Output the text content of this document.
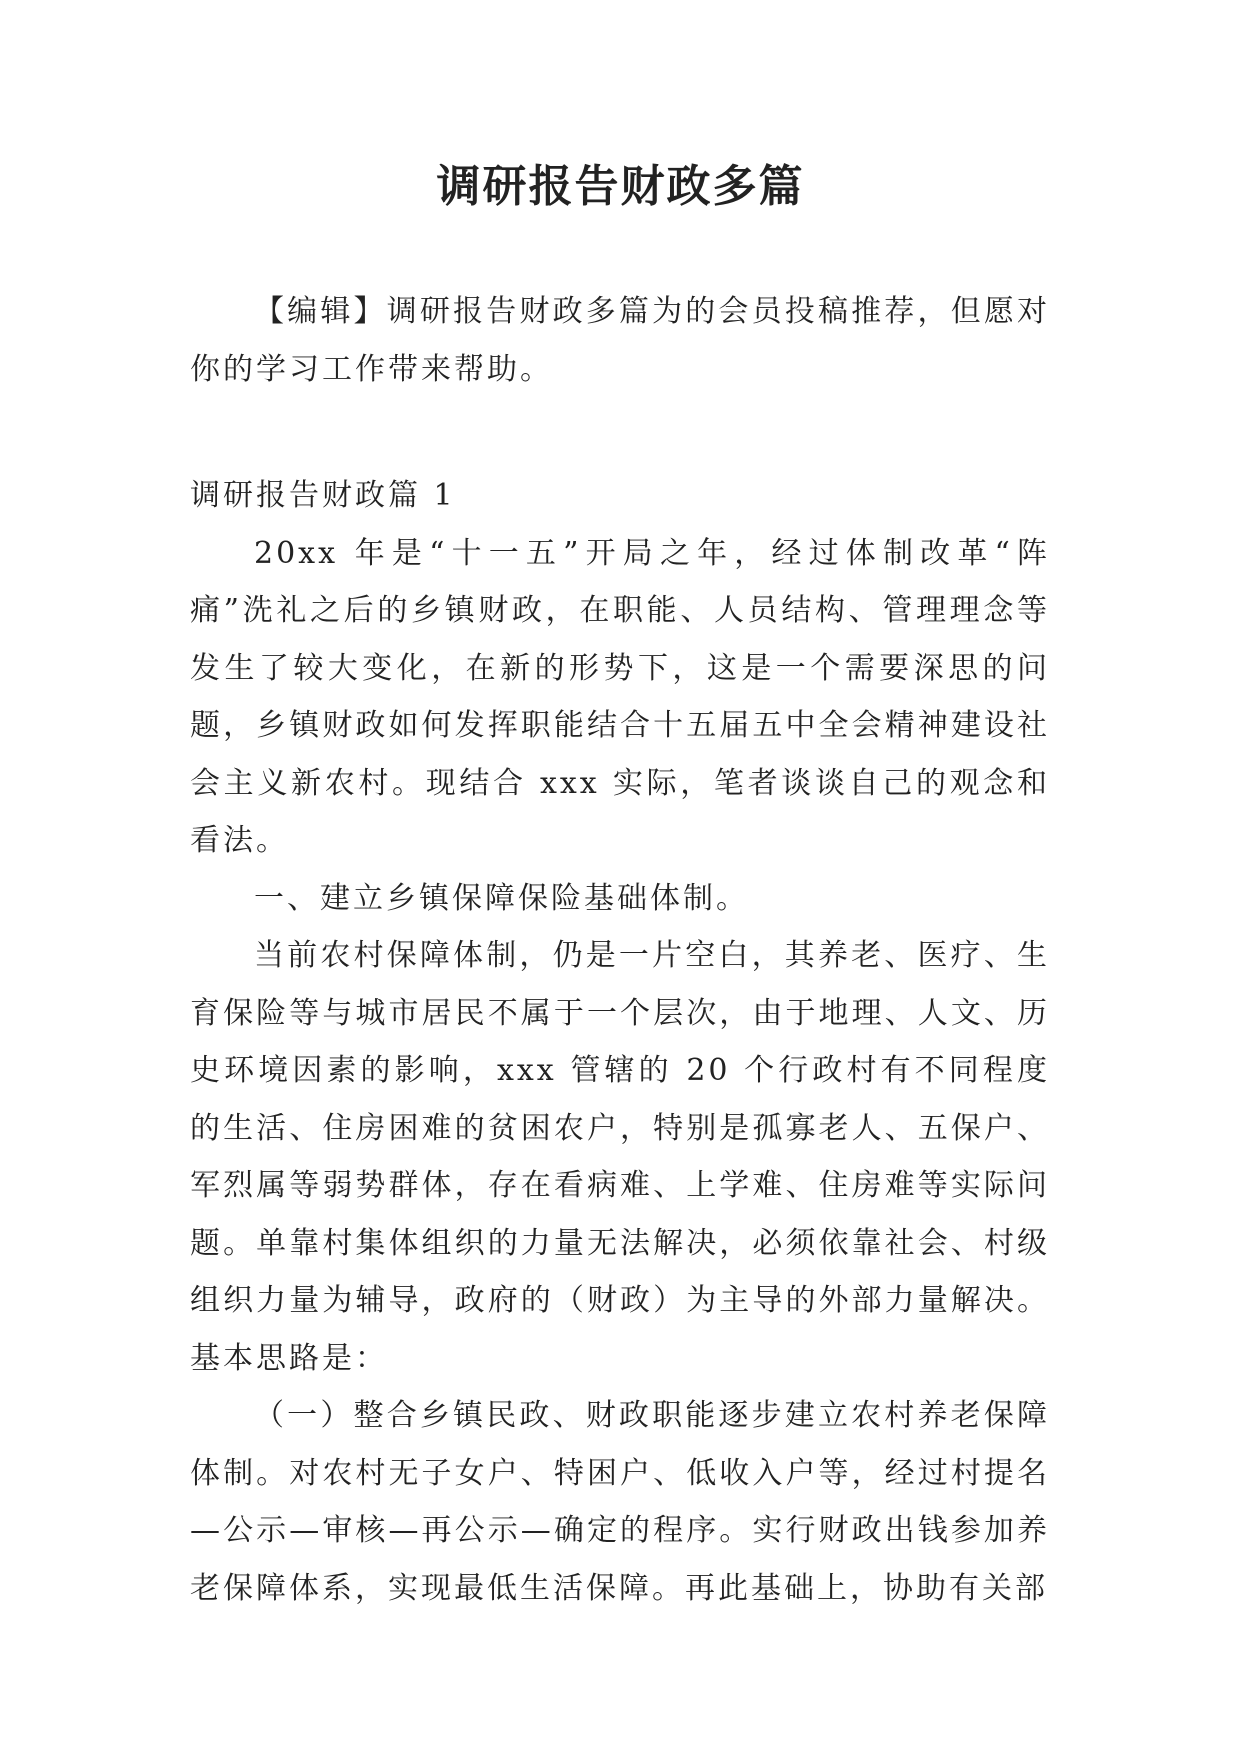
调研报告财政多篇

【编辑】调研报告财政多篇为的会员投稿推荐，但愿对你的学习工作带来帮助。

调研报告财政篇 1

20xx 年是“十一五”开局之年，经过体制改革“阵痛”洗礼之后的乡镇财政，在职能、人员结构、管理理念等发生了较大变化，在新的形势下，这是一个需要深思的问题，乡镇财政如何发挥职能结合十五届五中全会精神建设社会主义新农村。现结合 xxx 实际，笔者谈谈自己的观念和看法。

一、建立乡镇保障保险基础体制。

当前农村保障体制，仍是一片空白，其养老、医疗、生育保险等与城市居民不属于一个层次，由于地理、人文、历史环境因素的影响，xxx 管辖的 20 个行政村有不同程度的生活、住房困难的贫困农户，特别是孤寡老人、五保户、军烈属等弱势群体，存在看病难、上学难、住房难等实际问题。单靠村集体组织的力量无法解决，必须依靠社会、村级组织力量为辅导，政府的（财政）为主导的外部力量解决。基本思路是：

（一）整合乡镇民政、财政职能逐步建立农村养老保障体制。对农村无子女户、特困户、低收入户等，经过村提名—公示—审核—再公示—确定的程序。实行财政出钱参加养老保障体系，实现最低生活保障。再此基础上，协助有关部
